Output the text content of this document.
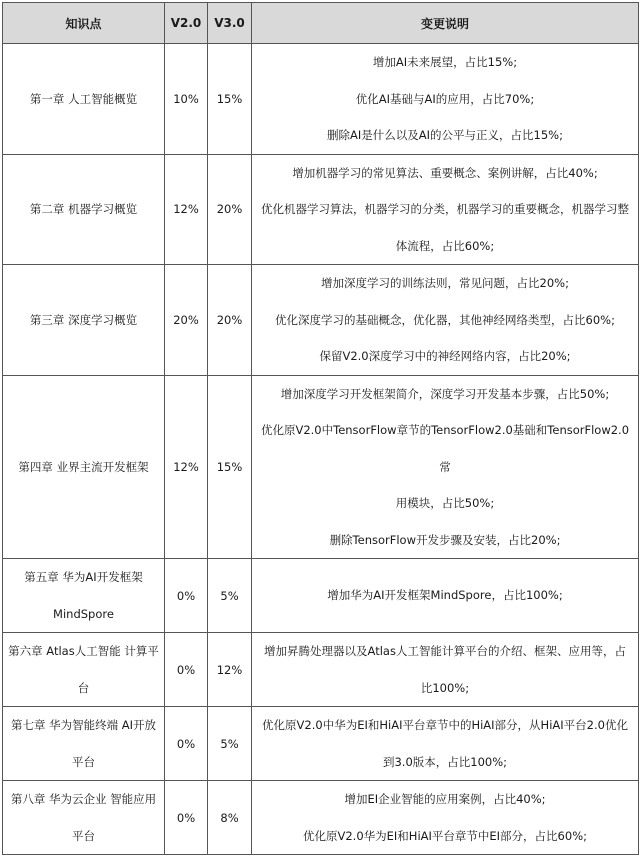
知识点	V2.0	V3.0	变更说明
第一章 人工智能概览	10%	15%	增加AI未来展望，占比15%;
优化AI基础与AI的应用，占比70%;
删除AI是什么以及AI的公平与正义，占比15%;

第二章 机器学习概览	12%	20%	增加机器学习的常见算法、重要概念、案例讲解，占比40%;
优化机器学习算法，机器学习的分类，机器学习的重要概念，机器学习整
体流程，占比60%;

第三章 深度学习概览	20%	20%	增加深度学习的训练法则，常见问题，占比20%;
优化深度学习的基础概念，优化器，其他神经网络类型，占比60%;
保留V2.0深度学习中的神经网络内容，占比20%;

第四章 业界主流开发框架	12%	15%	增加深度学习开发框架简介，深度学习开发基本步骤，占比50%;
优化原V2.0中TensorFlow章节的TensorFlow2.0基础和TensorFlow2.0常
用模块，占比50%;
删除TensorFlow开发步骤及安装，占比20%;

第五章 华为AI开发框架 MindSpore	0%	5%	增加华为AI开发框架MindSpore，占比100%;

第六章 Atlas人工智能 计算平台	0%	12%	增加昇腾处理器以及Atlas人工智能计算平台的介绍、框架、应用等，占
比100%;

第七章 华为智能终端 AI开放平台	0%	5%	优化原V2.0中华为EI和HiAI平台章节中的HiAI部分，从HiAI平台2.0优化
到3.0版本，占比100%;

第八章 华为云企业 智能应用平台	0%	8%	增加EI企业智能的应用案例，占比40%;
优化原V2.0华为EI和HiAI平台章节中EI部分，占比60%;
